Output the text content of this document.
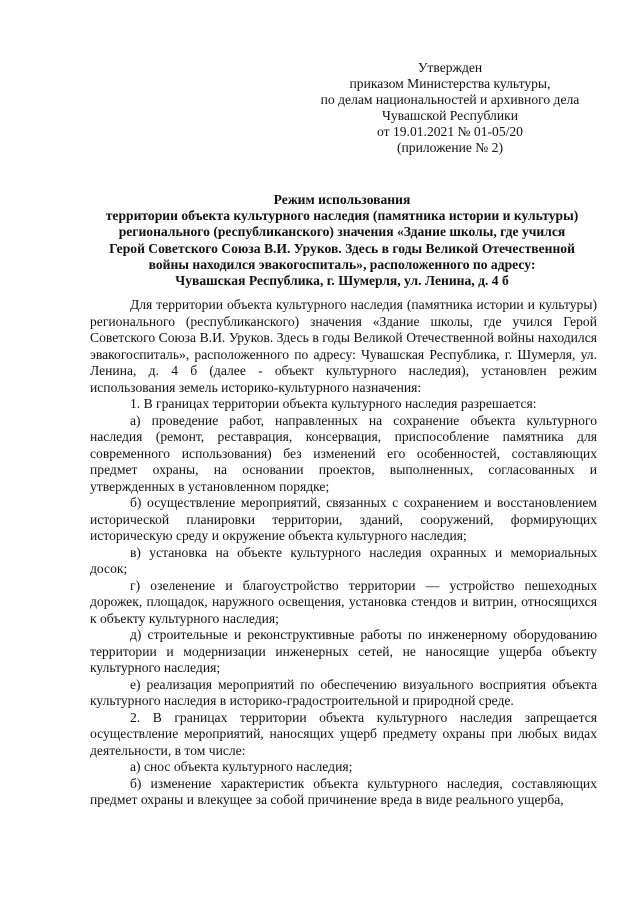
Утвержден
приказом Министерства культуры,
по делам национальностей и архивного дела
Чувашской Республики
от 19.01.2021 № 01-05/20
(приложение № 2)
Режим использования
территории объекта культурного наследия (памятника истории и культуры)
регионального (республиканского) значения «Здание школы, где учился
Герой Советского Союза В.И. Уруков. Здесь в годы Великой Отечественной
войны находился эвакогоспиталь», расположенного по адресу:
Чувашская Республика, г. Шумерля, ул. Ленина, д. 4 б

Для территории объекта культурного наследия (памятника истории и культуры) регионального (республиканского) значения «Здание школы, где учился Герой Советского Союза В.И. Уруков. Здесь в годы Великой Отечественной войны находился эвакогоспиталь», расположенного по адресу: Чувашская Республика, г. Шумерля, ул. Ленина, д. 4 б (далее - объект культурного наследия), установлен режим использования земель историко-культурного назначения:

1. В границах территории объекта культурного наследия разрешается:

а) проведение работ, направленных на сохранение объекта культурного наследия (ремонт, реставрация, консервация, приспособление памятника для современного использования) без изменений его особенностей, составляющих предмет охраны, на основании проектов, выполненных, согласованных и утвержденных в установленном порядке;

б) осуществление мероприятий, связанных с сохранением и восстановлением исторической планировки территории, зданий, сооружений, формирующих историческую среду и окружение объекта культурного наследия;

в) установка на объекте культурного наследия охранных и мемориальных досок;

г) озеленение и благоустройство территории — устройство пешеходных дорожек, площадок, наружного освещения, установка стендов и витрин, относящихся к объекту культурного наследия;

д) строительные и реконструктивные работы по инженерному оборудованию территории и модернизации инженерных сетей, не наносящие ущерба объекту культурного наследия;

е) реализация мероприятий по обеспечению визуального восприятия объекта культурного наследия в историко-градостроительной и природной среде.

2. В границах территории объекта культурного наследия запрещается осуществление мероприятий, наносящих ущерб предмету охраны при любых видах деятельности, в том числе:

а) снос объекта культурного наследия;

б) изменение характеристик объекта культурного наследия, составляющих предмет охраны и влекущее за собой причинение вреда в виде реального ущерба,
